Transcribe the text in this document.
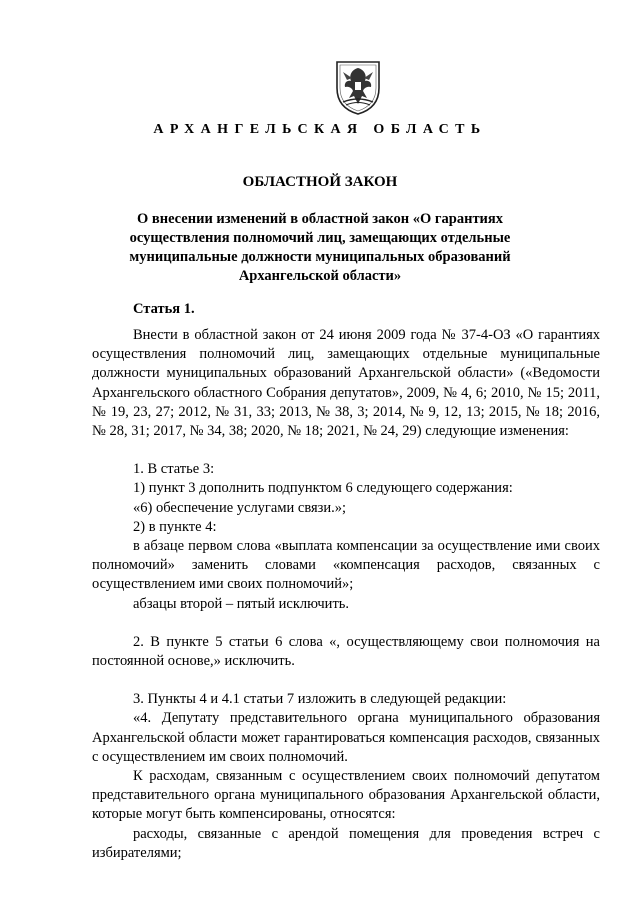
АРХАНГЕЛЬСКАЯ ОБЛАСТЬ
ОБЛАСТНОЙ ЗАКОН
О внесении изменений в областной закон «О гарантиях осуществления полномочий лиц, замещающих отдельные муниципальные должности муниципальных образований Архангельской области»
Статья 1.

Внести в областной закон от 24 июня 2009 года № 37-4-ОЗ «О гарантиях осуществления полномочий лиц, замещающих отдельные муниципальные должности муниципальных образований Архангельской области» («Ведомости Архангельского областного Собрания депутатов», 2009, № 4, 6; 2010, № 15; 2011, № 19, 23, 27; 2012, № 31, 33; 2013, № 38, 3; 2014, № 9, 12, 13; 2015, № 18; 2016, № 28, 31; 2017, № 34, 38; 2020, № 18; 2021, № 24, 29) следующие изменения:

1. В статье 3:

1) пункт 3 дополнить подпунктом 6 следующего содержания:

«6) обеспечение услугами связи.»;

2) в пункте 4:

в абзаце первом слова «выплата компенсации за осуществление ими своих полномочий» заменить словами «компенсация расходов, связанных с осуществлением ими своих полномочий»;

абзацы второй – пятый исключить.

2. В пункте 5 статьи 6 слова «, осуществляющему свои полномочия на постоянной основе,» исключить.

3. Пункты 4 и 4.1 статьи 7 изложить в следующей редакции:

«4. Депутату представительного органа муниципального образования Архангельской области может гарантироваться компенсация расходов, связанных с осуществлением им своих полномочий.

К расходам, связанным с осуществлением своих полномочий депутатом представительного органа муниципального образования Архангельской области, которые могут быть компенсированы, относятся:

расходы, связанные с арендой помещения для проведения встреч с избирателями;
